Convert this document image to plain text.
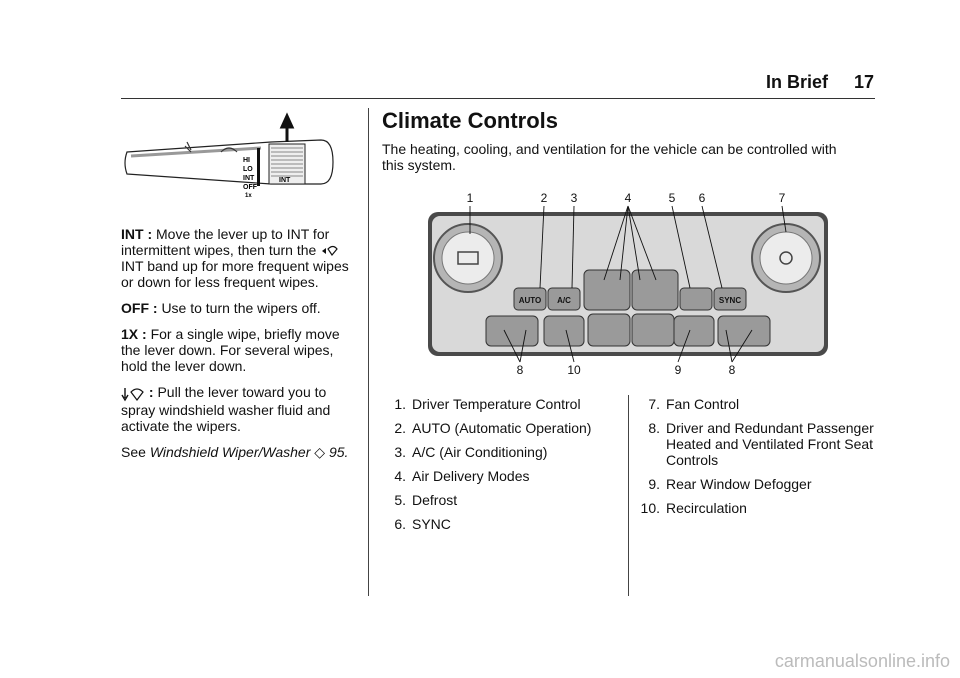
In Brief 17
HI
LO
INT
OFF
1x
INT

INT : Move the lever up to INT for intermittent wipes, then turn the  INT band up for more frequent wipes or down for less frequent wipes.

OFF : Use to turn the wipers off.

1X : For a single wipe, briefly move the lever down. For several wipes, hold the lever down.

: Pull the lever toward you to spray windshield washer fluid and activate the wipers.

See Windshield Wiper/Washer ◇ 95.

Climate Controls

The heating, cooling, and ventilation for the vehicle can be controlled with this system.

1	2 3	4	5 6	7
8	10	9	8
AUTO A/C	SYNC
1. Driver Temperature Control
2. AUTO (Automatic Operation)
3. A/C (Air Conditioning)
4. Air Delivery Modes
5. Defrost
6. SYNC
7. Fan Control
8. Driver and Redundant Passenger Heated and Ventilated Front Seat Controls
9. Rear Window Defogger
10. Recirculation
carmanualsonline.info
